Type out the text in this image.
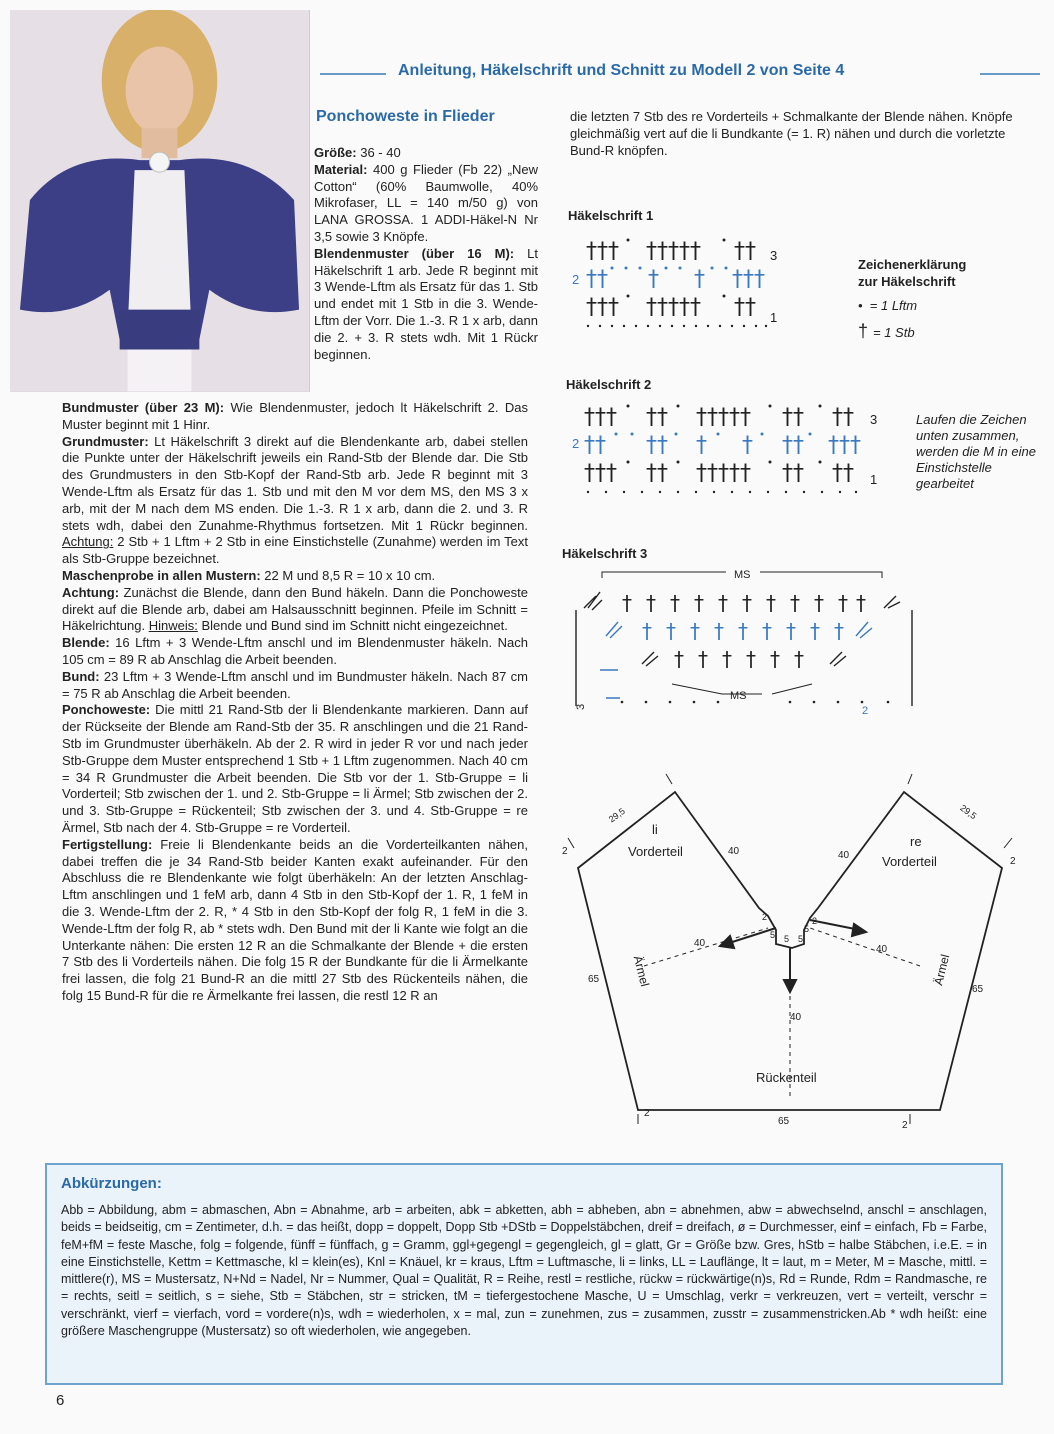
Anleitung, Häkelschrift und Schnitt zu Modell 2 von Seite 4
Ponchoweste in Flieder

Größe: 36 - 40

Material: 400 g Flieder (Fb 22) „New Cotton“ (60% Baumwolle, 40% Mikrofaser, LL = 140 m/50 g) von LANA GROSSA. 1 ADDI-Häkel-N Nr 3,5 sowie 3 Knöpfe.

Blendenmuster (über 16 M): Lt Häkelschrift 1 arb. Jede R beginnt mit 3 Wende-Lftm als Ersatz für das 1. Stb und endet mit 1 Stb in die 3. Wende-Lftm der Vorr. Die 1.-3. R 1 x arb, dann die 2. + 3. R stets wdh. Mit 1 Rückr beginnen.

Bundmuster (über 23 M): Wie Blendenmuster, jedoch lt Häkelschrift 2. Das Muster beginnt mit 1 Hinr.

Grundmuster: Lt Häkelschrift 3 direkt auf die Blendenkante arb, dabei stellen die Punkte unter der Häkelschrift jeweils ein Rand-Stb der Blende dar. Die Stb des Grundmusters in den Stb-Kopf der Rand-Stb arb. Jede R beginnt mit 3 Wende-Lftm als Ersatz für das 1. Stb und mit den M vor dem MS, den MS 3 x arb, mit der M nach dem MS enden. Die 1.-3. R 1 x arb, dann die 2. und 3. R stets wdh, dabei den Zunahme-Rhythmus fortsetzen. Mit 1 Rückr beginnen. Achtung: 2 Stb + 1 Lftm + 2 Stb in eine Einstichstelle (Zunahme) werden im Text als Stb-Gruppe bezeichnet.

Maschenprobe in allen Mustern: 22 M und 8,5 R = 10 x 10 cm.

Achtung: Zunächst die Blende, dann den Bund häkeln. Dann die Ponchoweste direkt auf die Blende arb, dabei am Halsausschnitt beginnen. Pfeile im Schnitt = Häkelrichtung. Hinweis: Blende und Bund sind im Schnitt nicht eingezeichnet.

Blende: 16 Lftm + 3 Wende-Lftm anschl und im Blendenmuster häkeln. Nach 105 cm = 89 R ab Anschlag die Arbeit beenden.

Bund: 23 Lftm + 3 Wende-Lftm anschl und im Bundmuster häkeln. Nach 87 cm = 75 R ab Anschlag die Arbeit beenden.

Ponchoweste: Die mittl 21 Rand-Stb der li Blendenkante markieren. Dann auf der Rückseite der Blende am Rand-Stb der 35. R anschlingen und die 21 Rand-Stb im Grundmuster überhäkeln. Ab der 2. R wird in jeder R vor und nach jeder Stb-Gruppe dem Muster entsprechend 1 Stb + 1 Lftm zugenommen. Nach 40 cm = 34 R Grundmuster die Arbeit beenden. Die Stb vor der 1. Stb-Gruppe = li Vorderteil; Stb zwischen der 1. und 2. Stb-Gruppe = li Ärmel; Stb zwischen der 2. und 3. Stb-Gruppe = Rückenteil; Stb zwischen der 3. und 4. Stb-Gruppe = re Ärmel, Stb nach der 4. Stb-Gruppe = re Vorderteil.

Fertigstellung: Freie li Blendenkante beids an die Vorderteilkanten nähen, dabei treffen die je 34 Rand-Stb beider Kanten exakt aufeinander. Für den Abschluss die re Blendenkante wie folgt überhäkeln: An der letzten Anschlag-Lftm anschlingen und 1 feM arb, dann 4 Stb in den Stb-Kopf der 1. R, 1 feM in die 3. Wende-Lftm der 2. R, * 4 Stb in den Stb-Kopf der folg R, 1 feM in die 3. Wende-Lftm der folg R, ab * stets wdh. Den Bund mit der li Kante wie folgt an die Unterkante nähen: Die ersten 12 R an die Schmalkante der Blende + die ersten 7 Stb des li Vorderteils nähen. Die folg 15 R der Bundkante für die li Ärmelkante frei lassen, die folg 21 Bund-R an die mittl 27 Stb des Rückenteils nähen, die folg 15 Bund-R für die re Ärmelkante frei lassen, die restl 12 R an

die letzten 7 Stb des re Vorderteils + Schmalkante der Blende nähen. Knöpfe gleichmäßig vert auf die li Bundkante (= 1. R) nähen und durch die vorletzte Bund-R knöpfen.
Häkelschrift 1
††† ††††† ††
††† ††††† ††
†† † † †††
3
2
1
Zeichenerklärung
zur Häkelschrift
•  = 1 Lftm
† = 1 Stb
Häkelschrift 2
††† †† ††††† †† ††
††† †† ††††† †† ††
†† †† † † †† †††
3
2
1
Laufen die Zeichen unten zusammen, werden die M in eine Einstichstelle gearbeitet
Häkelschrift 3
MS
† † † † † † † † † † †
† † † † † †
† † † † † † † † †
MS
3	2
29,5	29,5
2
2
40	40
40
40
40
2	2
5 5 5
5
65
65
65
2
2
li
Vorderteil
re
Vorderteil
Ärmel	Ärmel
Rückenteil
Abkürzungen:
Abb = Abbildung, abm = abmaschen, Abn = Abnahme, arb = arbeiten, abk = abketten, abh = abheben, abn = abnehmen, abw = abwechselnd, anschl = anschlagen, beids = beidseitig, cm = Zentimeter, d.h. = das heißt, dopp = doppelt, Dopp Stb +DStb = Doppelstäbchen, dreif = dreifach, ø = Durchmesser, einf = einfach, Fb = Farbe, feM+fM = feste Masche, folg = folgende, fünff = fünffach, g = Gramm, ggl+gegengl = gegengleich, gl = glatt, Gr = Größe bzw. Gres, hStb = halbe Stäbchen, i.e.E. = in eine Einstichstelle, Kettm = Kettmasche, kl = klein(es), Knl = Knäuel, kr = kraus, Lftm = Luftmasche, li = links, LL = Lauflänge, lt = laut, m = Meter, M = Masche, mittl. = mittlere(r), MS = Mustersatz, N+Nd = Nadel, Nr = Nummer, Qual = Qualität, R = Reihe, restl = restliche, rückw = rückwärtige(n)s, Rd = Runde, Rdm = Randmasche, re = rechts, seitl = seitlich, s = siehe, Stb = Stäbchen, str = stricken, tM = tiefergestochene Masche, U = Umschlag, verkr = verkreuzen, vert = verteilt, verschr = verschränkt, vierf = vierfach, vord = vordere(n)s, wdh = wiederholen, x = mal, zun = zunehmen, zus = zusammen, zusstr = zusammenstricken.Ab * wdh heißt: eine größere Maschengruppe (Mustersatz) so oft wiederholen, wie angegeben.
6
